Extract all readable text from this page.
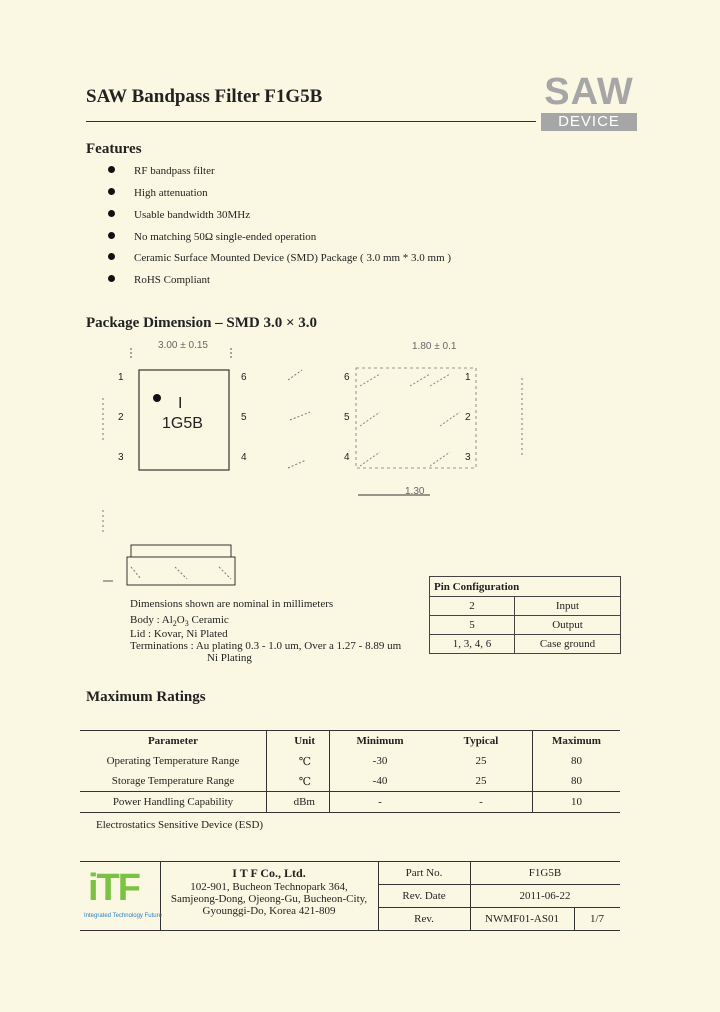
SAW Bandpass Filter F1G5B	SAW
DEVICE
Features
RF bandpass filter
High attenuation
Usable bandwidth 30MHz
No matching 50Ω single-ended operation
Ceramic Surface Mounted Device (SMD) Package ( 3.0 mm * 3.0 mm )
RoHS Compliant
Package Dimension – SMD 3.0 × 3.0
3.00 ± 0.15
I
1G5B
1
2
3
6
5
4
1.80 ± 0.1
1.30
6
5
4
1
2
3
Dimensions shown are nominal in millimeters
Body : $Al_2O_3$ Ceramic
Lid : Kovar, Ni Plated
Terminations : Au plating 0.3 - 1.0 um, Over a 1.27 - 8.89 um
Ni Plating
Pin Configuration	
2	Input
5	Output
1, 3, 4, 6	Case ground
Maximum Ratings
Parameter	Unit	Minimum	Typical	Maximum
Operating Temperature Range	℃	-30	25	80
Storage Temperature Range	℃	-40	25	80
Power Handling Capability	dBm	-	-	10
Electrostatics Sensitive Device (ESD)
iTF
Integrated Technology Future
I T F Co., Ltd.
102-901, Bucheon Technopark 364,
Samjeong-Dong, Ojeong-Gu, Bucheon-City,
Gyounggi-Do, Korea 421-809
Part No.	F1G5B
Rev. Date	2011-06-22
Rev.	NWMF01-AS01	1/7
